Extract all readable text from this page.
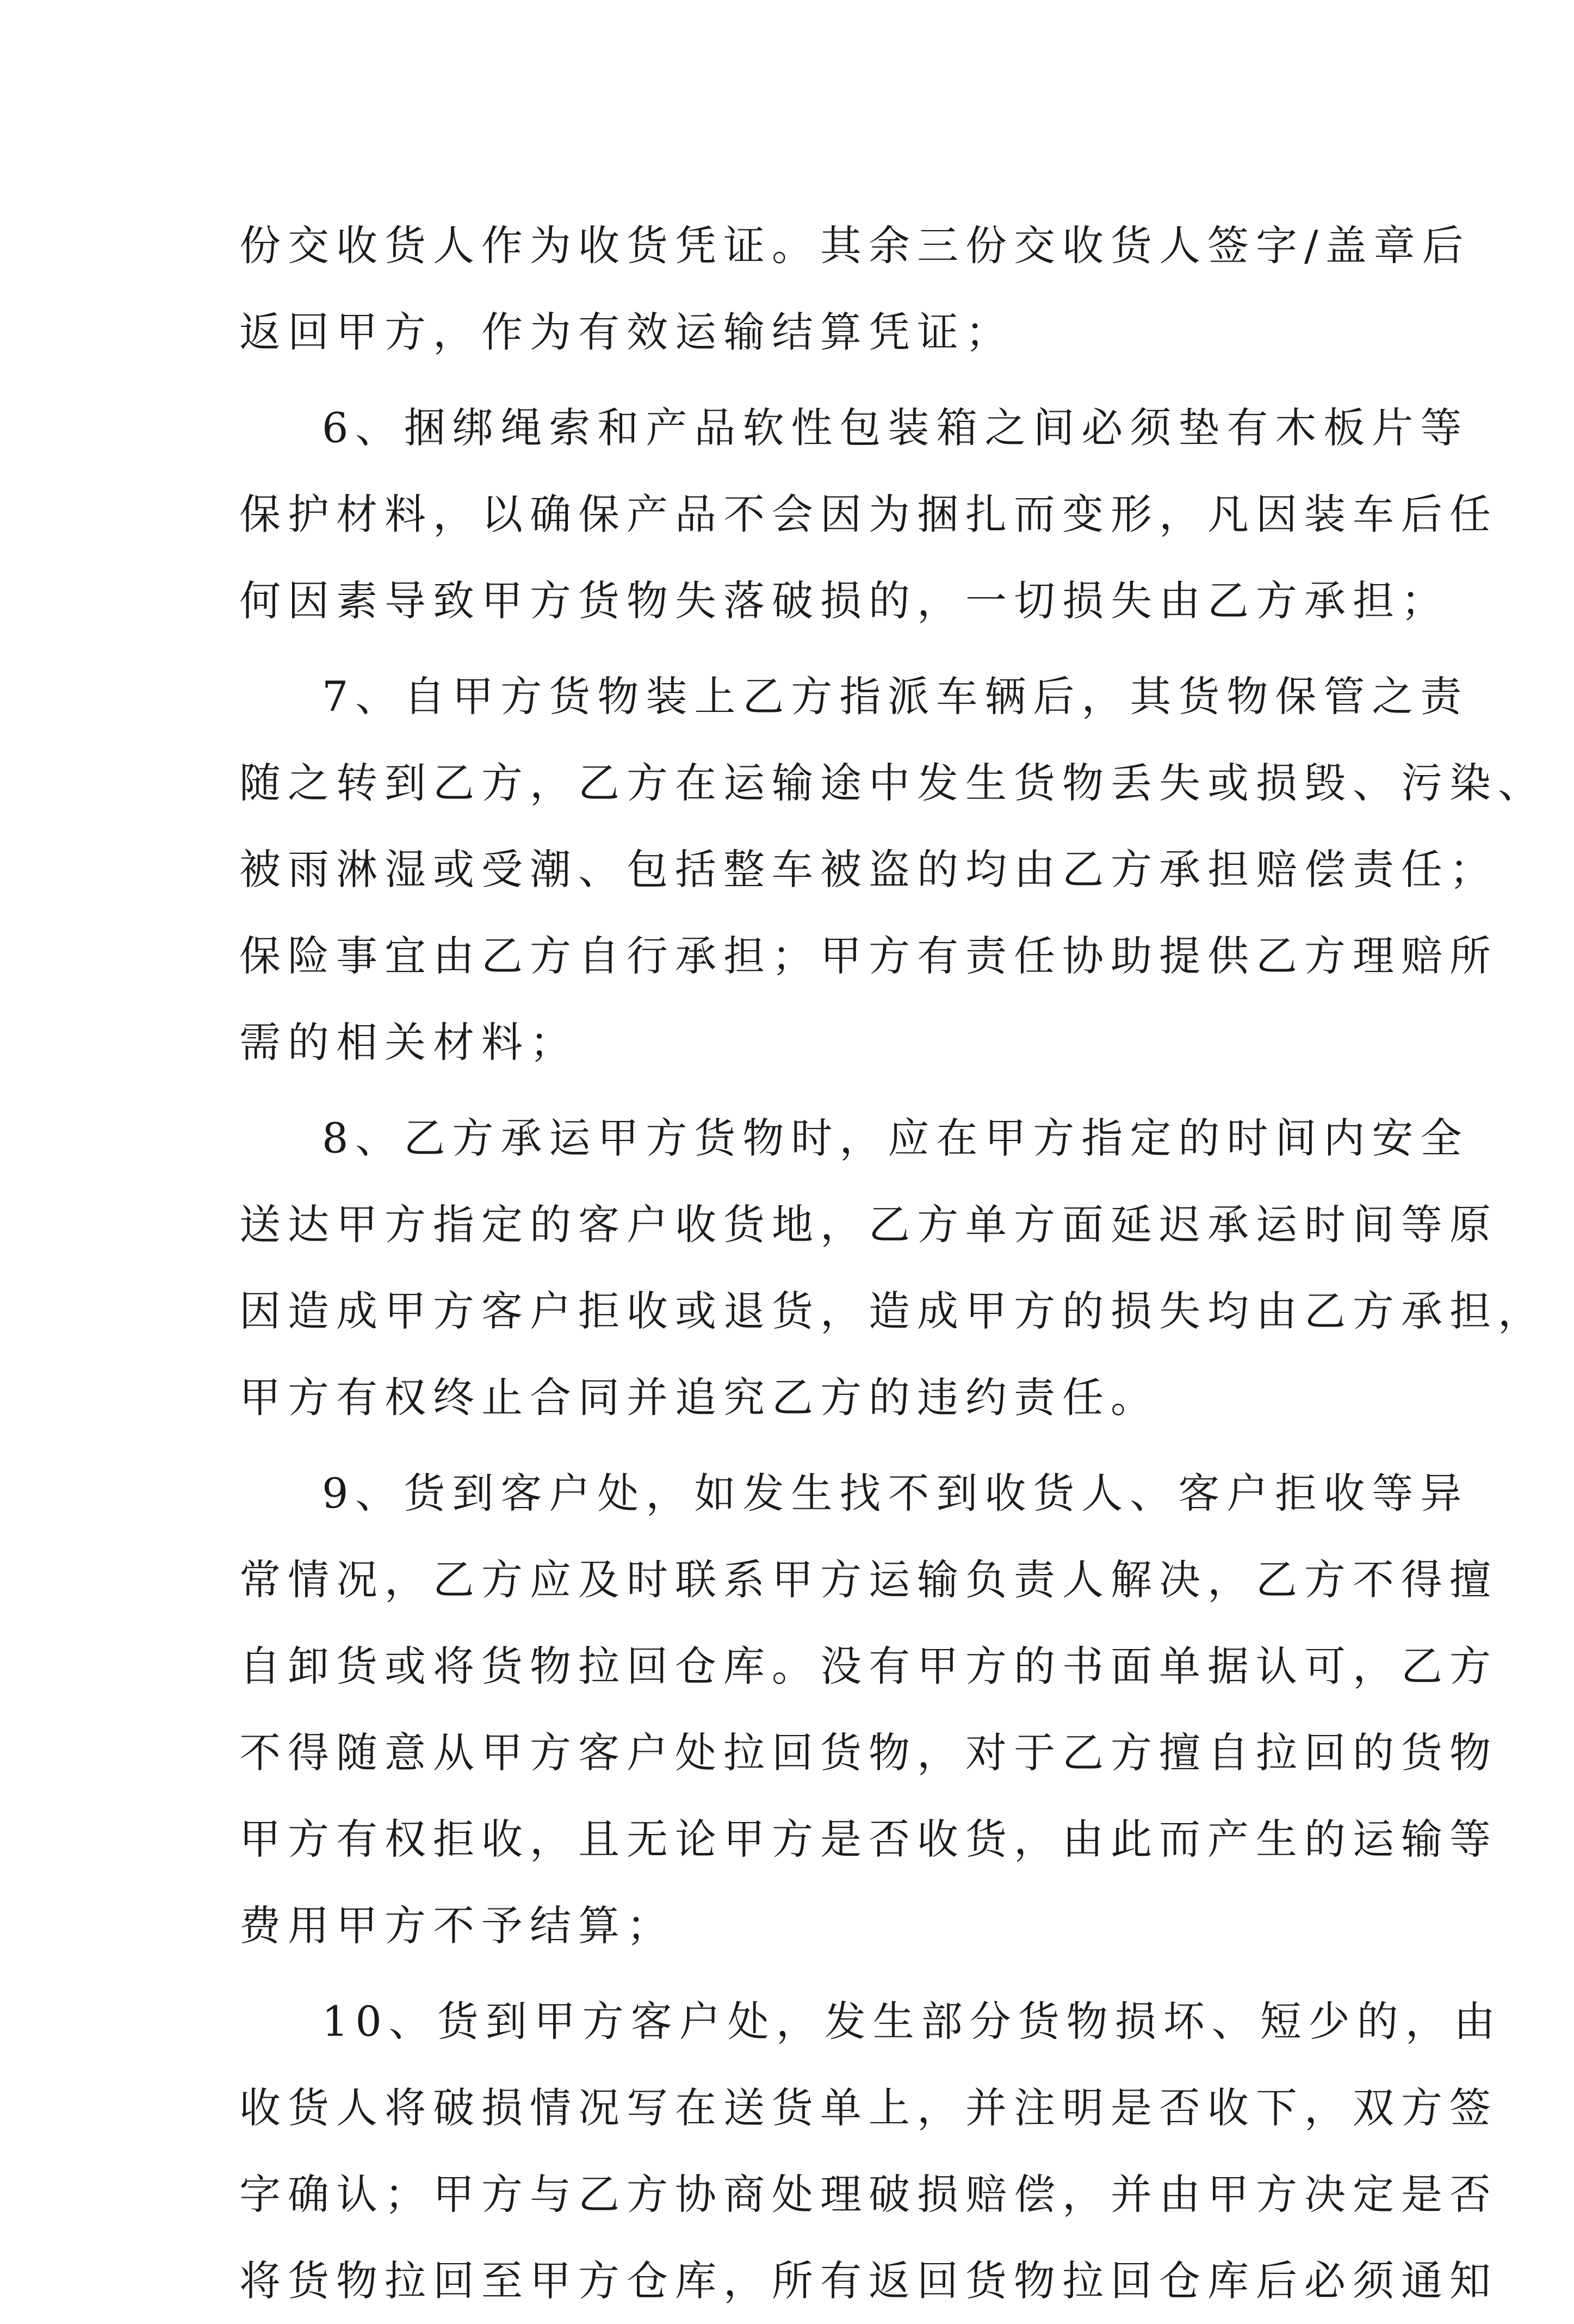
份交收货人作为收货凭证。其余三份交收货人签字/盖章后
返回甲方，作为有效运输结算凭证；
6、捆绑绳索和产品软性包装箱之间必须垫有木板片等
保护材料，以确保产品不会因为捆扎而变形，凡因装车后任
何因素导致甲方货物失落破损的，一切损失由乙方承担；
7、自甲方货物装上乙方指派车辆后，其货物保管之责
随之转到乙方，乙方在运输途中发生货物丢失或损毁、污染、
被雨淋湿或受潮、包括整车被盗的均由乙方承担赔偿责任；
保险事宜由乙方自行承担；甲方有责任协助提供乙方理赔所
需的相关材料；
8、乙方承运甲方货物时，应在甲方指定的时间内安全
送达甲方指定的客户收货地，乙方单方面延迟承运时间等原
因造成甲方客户拒收或退货，造成甲方的损失均由乙方承担，
甲方有权终止合同并追究乙方的违约责任。
9、货到客户处，如发生找不到收货人、客户拒收等异
常情况，乙方应及时联系甲方运输负责人解决，乙方不得擅
自卸货或将货物拉回仓库。没有甲方的书面单据认可，乙方
不得随意从甲方客户处拉回货物，对于乙方擅自拉回的货物
甲方有权拒收，且无论甲方是否收货，由此而产生的运输等
费用甲方不予结算；
10、货到甲方客户处，发生部分货物损坏、短少的，由
收货人将破损情况写在送货单上，并注明是否收下，双方签
字确认；甲方与乙方协商处理破损赔偿，并由甲方决定是否
将货物拉回至甲方仓库，所有返回货物拉回仓库后必须通知
